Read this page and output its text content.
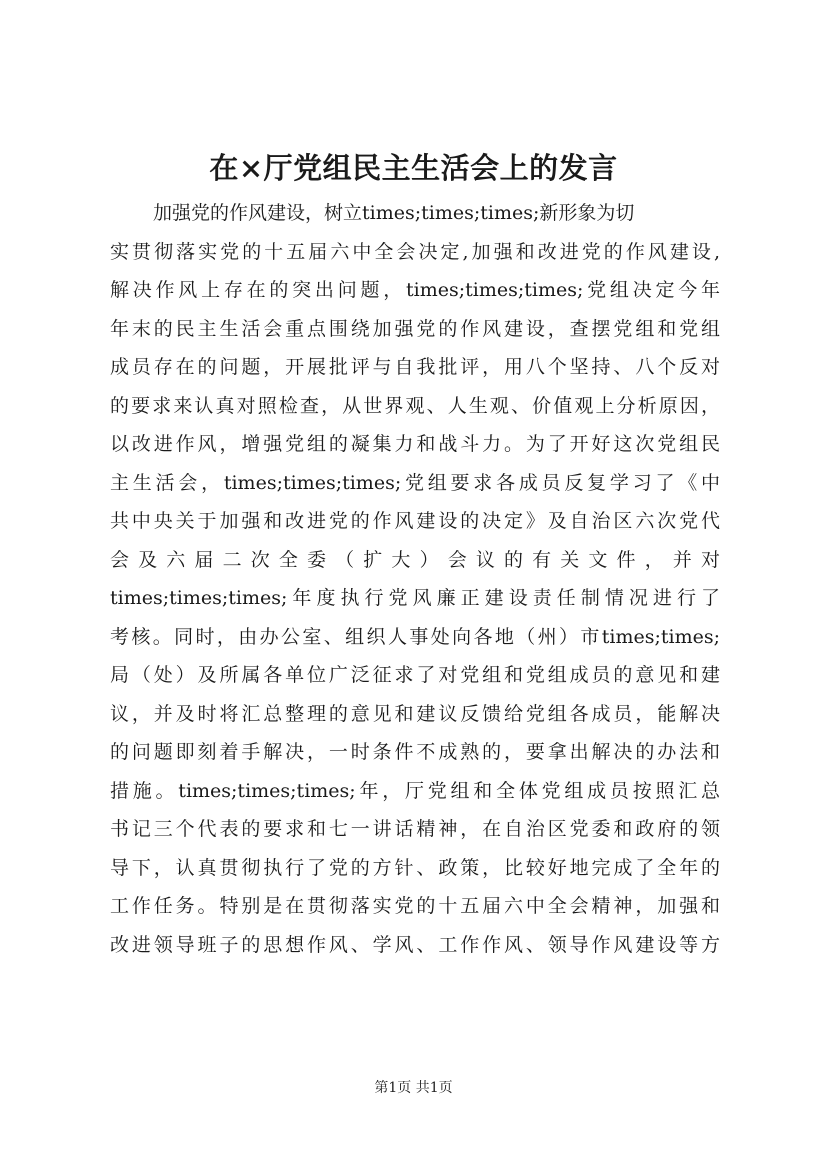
在×厅党组民主生活会上的发言
加强党的作风建设，树立times;times;times;新形象为切
实贯彻落实党的十五届六中全会决定,加强和改进党的作风建设,
解决作风上存在的突出问题，times;times;times;党组决定今年
年末的民主生活会重点围绕加强党的作风建设，查摆党组和党组
成员存在的问题，开展批评与自我批评，用八个坚持、八个反对
的要求来认真对照检查，从世界观、人生观、价值观上分析原因，
以改进作风，增强党组的凝集力和战斗力。为了开好这次党组民
主生活会，times;times;times;党组要求各成员反复学习了《中
共中央关于加强和改进党的作风建设的决定》及自治区六次党代
会 及 六 届 二 次 全 委 （ 扩 大 ） 会 议 的 有 关 文 件 ， 并 对
times;times;times;年度执行党风廉正建设责任制情况进行了
考核。同时，由办公室、组织人事处向各地（州）市times;times;
局（处）及所属各单位广泛征求了对党组和党组成员的意见和建
议，并及时将汇总整理的意见和建议反馈给党组各成员，能解决
的问题即刻着手解决，一时条件不成熟的，要拿出解决的办法和
措施。times;times;times;年，厅党组和全体党组成员按照汇总
书记三个代表的要求和七一讲话精神，在自治区党委和政府的领
导下，认真贯彻执行了党的方针、政策，比较好地完成了全年的
工作任务。特别是在贯彻落实党的十五届六中全会精神，加强和
改进领导班子的思想作风、学风、工作作风、领导作风建设等方
第1页 共1页
